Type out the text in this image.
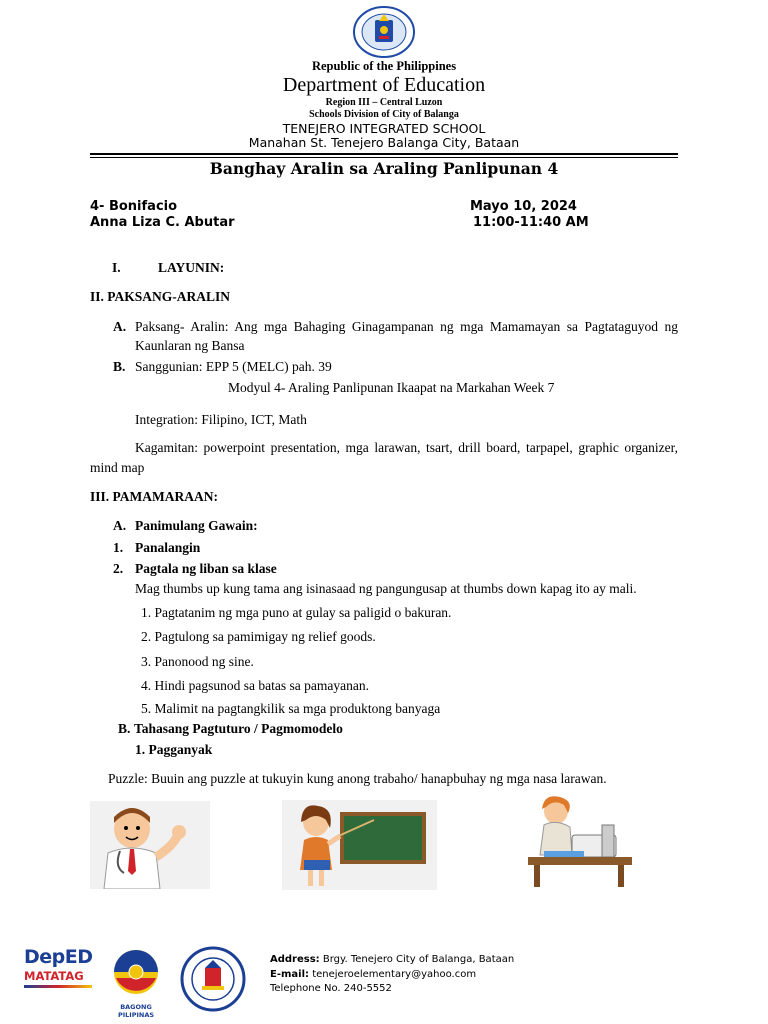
Republic of the Philippines
Department of Education
Region III – Central Luzon
Schools Division of City of Balanga
TENEJERO INTEGRATED SCHOOL
Manahan St. Tenejero Balanga City, Bataan
Banghay Aralin sa Araling Panlipunan 4
4- Bonifacio
Anna Liza C. Abutar
Mayo 10, 2024
11:00-11:40 AM
I.	LAYUNIN:
II. PAKSANG-ARALIN
A. Paksang- Aralin: Ang mga Bahaging Ginagampanan ng mga Mamamayan sa Pagtataguyod ng
Kaunlaran ng Bansa
B. Sanggunian: EPP 5 (MELC) pah. 39
Modyul 4- Araling Panlipunan Ikaapat na Markahan Week 7
Integration: Filipino, ICT, Math
Kagamitan: powerpoint presentation, mga larawan, tsart, drill board, tarpapel, graphic organizer,
mind map
III. PAMAMARAAN:
A. Panimulang Gawain:
1. Panalangin
2. Pagtala ng liban sa klase
Mag thumbs up kung tama ang isinasaad ng pangungusap at thumbs down kapag ito ay mali.
1. Pagtatanim ng mga puno at gulay sa paligid o bakuran.
2. Pagtulong sa pamimigay ng relief goods.
3. Panonood ng sine.
4. Hindi pagsunod sa batas sa pamayanan.
5. Malimit na pagtangkilik sa mga produktong banyaga
B. Tahasang Pagtuturo / Pagmomodelo
1. Pagganyak
Puzzle: Buuin ang puzzle at tukuyin kung anong trabaho/ hanapbuhay ng mga nasa larawan.
DepED
MATATAG
BAGONG PILIPINAS
Address: Brgy. Tenejero City of Balanga, Bataan
E-mail: tenejeroelementary@yahoo.com
Telephone No. 240-5552
